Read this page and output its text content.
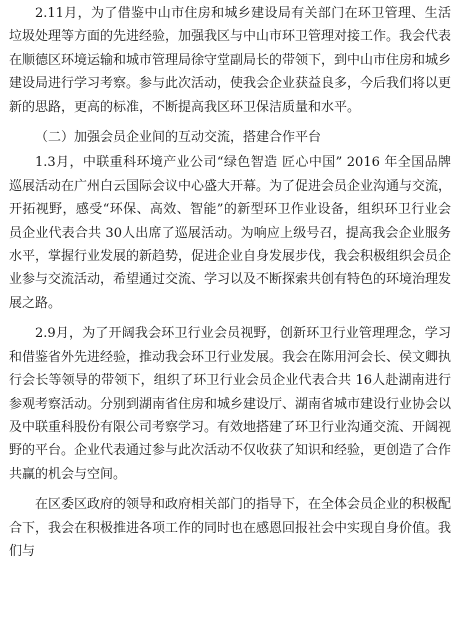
2.11月，为了借鉴中山市住房和城乡建设局有关部门在环卫管理、生活垃圾处理等方面的先进经验，加强我区与中山市环卫管理对接工作。我会代表在顺德区环境运输和城市管理局徐守堂副局长的带领下，到中山市住房和城乡建设局进行学习考察。参与此次活动，使我会企业获益良多，今后我们将以更新的思路，更高的标准，不断提高我区环卫保洁质量和水平。

（二）加强会员企业间的互动交流，搭建合作平台

1.3月，中联重科环境产业公司“绿色智造 匠心中国” 2016 年全国品牌巡展活动在广州白云国际会议中心盛大开幕。为了促进会员企业沟通与交流，开拓视野，感受“环保、高效、智能”的新型环卫作业设备，组织环卫行业会员企业代表合共 30人出席了巡展活动。为响应上级号召，提高我会企业服务水平，掌握行业发展的新趋势，促进企业自身发展步伐，我会积极组织会员企业参与交流活动，希望通过交流、学习以及不断探索共创有特色的环境治理发展之路。

2.9月，为了开阔我会环卫行业会员视野，创新环卫行业管理理念，学习和借鉴省外先进经验，推动我会环卫行业发展。我会在陈用河会长、侯文卿执行会长等领导的带领下，组织了环卫行业会员企业代表合共 16人赴湖南进行参观考察活动。分别到湖南省住房和城乡建设厅、湖南省城市建设行业协会以及中联重科股份有限公司考察学习。有效地搭建了环卫行业沟通交流、开阔视野的平台。企业代表通过参与此次活动不仅收获了知识和经验，更创造了合作共赢的机会与空间。

在区委区政府的领导和政府相关部门的指导下，在全体会员企业的积极配合下，我会在积极推进各项工作的同时也在感恩回报社会中实现自身价值。我们与
